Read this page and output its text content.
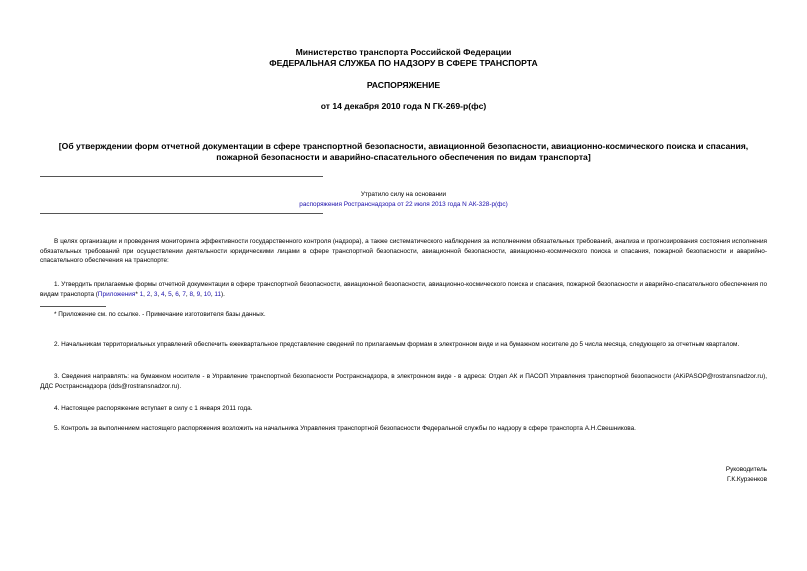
Министерство транспорта Российской Федерации
ФЕДЕРАЛЬНАЯ СЛУЖБА ПО НАДЗОРУ В СФЕРЕ ТРАНСПОРТА
РАСПОРЯЖЕНИЕ
от 14 декабря 2010 года N ГК-269-р(фс)
[Об утверждении форм отчетной документации в сфере транспортной безопасности, авиационной безопасности, авиационно-космического поиска и спасания,
пожарной безопасности и аварийно-спасательного обеспечения по видам транспорта]
Утратило силу на основании
распоряжения Ространснадзора от 22 июля 2013 года N АК-328-р(фс)
В целях организации и проведения мониторинга эффективности государственного контроля (надзора), а также систематического наблюдения за исполнением обязательных требований, анализа и прогнозирования состояния исполнения обязательных требований при осуществлении деятельности юридическими лицами в сфере транспортной безопасности, авиационной безопасности, авиационно-космического поиска и спасания, пожарной безопасности и аварийно-спасательного обеспечения на транспорте:
1. Утвердить прилагаемые формы отчетной документации в сфере транспортной безопасности, авиационной безопасности, авиационно-космического поиска и спасания, пожарной безопасности и аварийно-спасательного обеспечения по видам транспорта (Приложения* 1, 2, 3, 4, 5, 6, 7, 8, 9, 10, 11).
* Приложение см. по ссылке. - Примечание изготовителя базы данных.
2. Начальникам территориальных управлений обеспечить ежеквартальное представление сведений по прилагаемым формам в электронном виде и на бумажном носителе до 5 числа месяца, следующего за отчетным кварталом.
3. Сведения направлять: на бумажном носителе - в Управление транспортной безопасности Ространснадзора, в электронном виде - в адреса: Отдел АК и ПАСОП Управления транспортной безопасности (AKiPASOP@rostransnadzor.ru), ДДС Ространснадзора (dds@rostransnadzor.ru).
4. Настоящее распоряжение вступает в силу с 1 января 2011 года.
5. Контроль за выполнением настоящего распоряжения возложить на начальника Управления транспортной безопасности Федеральной службы по надзору в сфере транспорта А.Н.Свешникова.
Руководитель
Г.К.Курзенков
